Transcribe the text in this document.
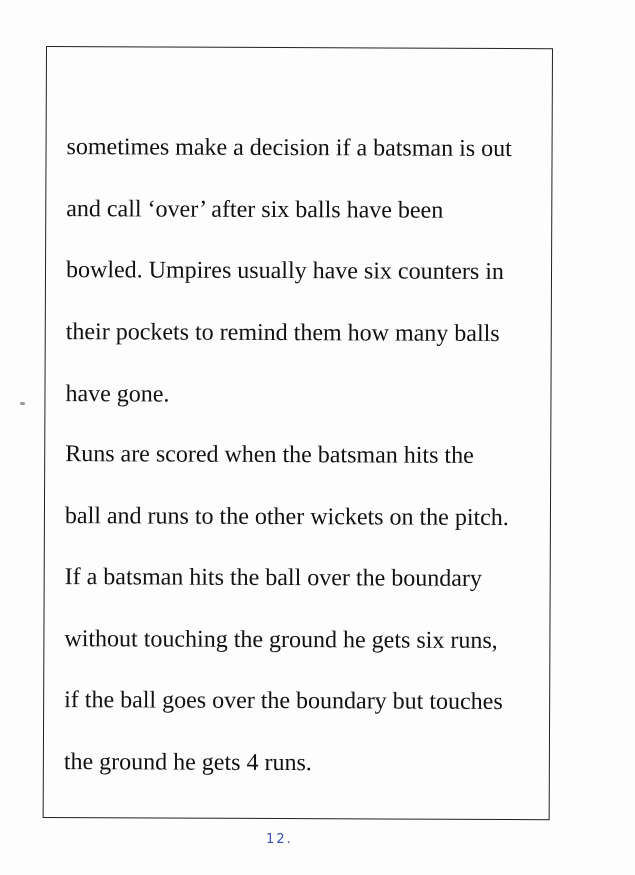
sometimes make a decision if a batsman is out
and call ‘over’ after six balls have been
bowled. Umpires usually have six counters in
their pockets to remind them how many balls
have gone.
Runs are scored when the batsman hits the
ball and runs to the other wickets on the pitch.
If a batsman hits the ball over the boundary
without touching the ground he gets six runs,
if the ball goes over the boundary but touches
the ground he gets 4 runs.
12.
